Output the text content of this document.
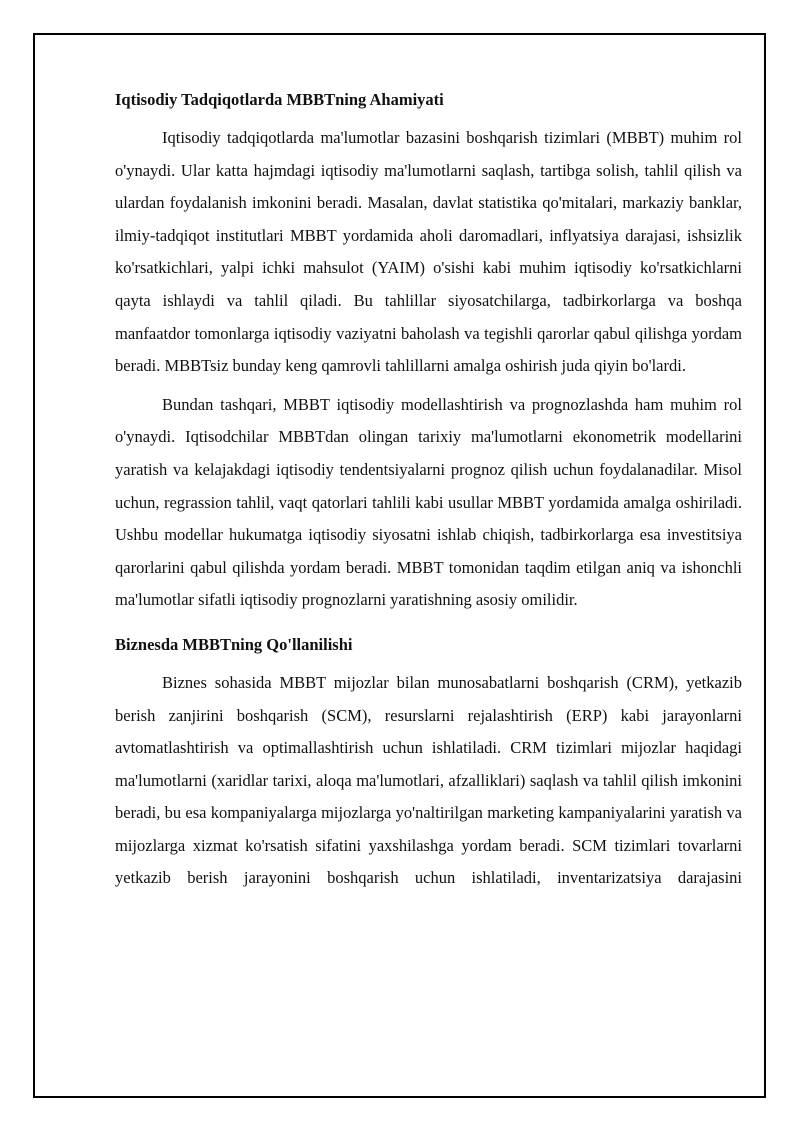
Iqtisodiy Tadqiqotlarda MBBTning Ahamiyati

Iqtisodiy tadqiqotlarda ma'lumotlar bazasini boshqarish tizimlari (MBBT) muhim rol o'ynaydi. Ular katta hajmdagi iqtisodiy ma'lumotlarni saqlash, tartibga solish, tahlil qilish va ulardan foydalanish imkonini beradi. Masalan, davlat statistika qo'mitalari, markaziy banklar, ilmiy-tadqiqot institutlari MBBT yordamida aholi daromadlari, inflyatsiya darajasi, ishsizlik ko'rsatkichlari, yalpi ichki mahsulot (YAIM) o'sishi kabi muhim iqtisodiy ko'rsatkichlarni qayta ishlaydi va tahlil qiladi. Bu tahlillar siyosatchilarga, tadbirkorlarga va boshqa manfaatdor tomonlarga iqtisodiy vaziyatni baholash va tegishli qarorlar qabul qilishga yordam beradi. MBBTsiz bunday keng qamrovli tahlillarni amalga oshirish juda qiyin bo'lardi.

Bundan tashqari, MBBT iqtisodiy modellashtirish va prognozlashda ham muhim rol o'ynaydi. Iqtisodchilar MBBTdan olingan tarixiy ma'lumotlarni ekonometrik modellarini yaratish va kelajakdagi iqtisodiy tendentsiyalarni prognoz qilish uchun foydalanadilar. Misol uchun, regrassion tahlil, vaqt qatorlari tahlili kabi usullar MBBT yordamida amalga oshiriladi. Ushbu modellar hukumatga iqtisodiy siyosatni ishlab chiqish, tadbirkorlarga esa investitsiya qarorlarini qabul qilishda yordam beradi. MBBT tomonidan taqdim etilgan aniq va ishonchli ma'lumotlar sifatli iqtisodiy prognozlarni yaratishning asosiy omilidir.

Biznesda MBBTning Qo'llanilishi

Biznes sohasida MBBT mijozlar bilan munosabatlarni boshqarish (CRM), yetkazib berish zanjirini boshqarish (SCM), resurslarni rejalashtirish (ERP) kabi jarayonlarni avtomatlashtirish va optimallashtirish uchun ishlatiladi. CRM tizimlari mijozlar haqidagi ma'lumotlarni (xaridlar tarixi, aloqa ma'lumotlari, afzalliklari) saqlash va tahlil qilish imkonini beradi, bu esa kompaniyalarga mijozlarga yo'naltirilgan marketing kampaniyalarini yaratish va mijozlarga xizmat ko'rsatish sifatini yaxshilashga yordam beradi. SCM tizimlari tovarlarni yetkazib berish jarayonini boshqarish uchun ishlatiladi, inventarizatsiya darajasini
